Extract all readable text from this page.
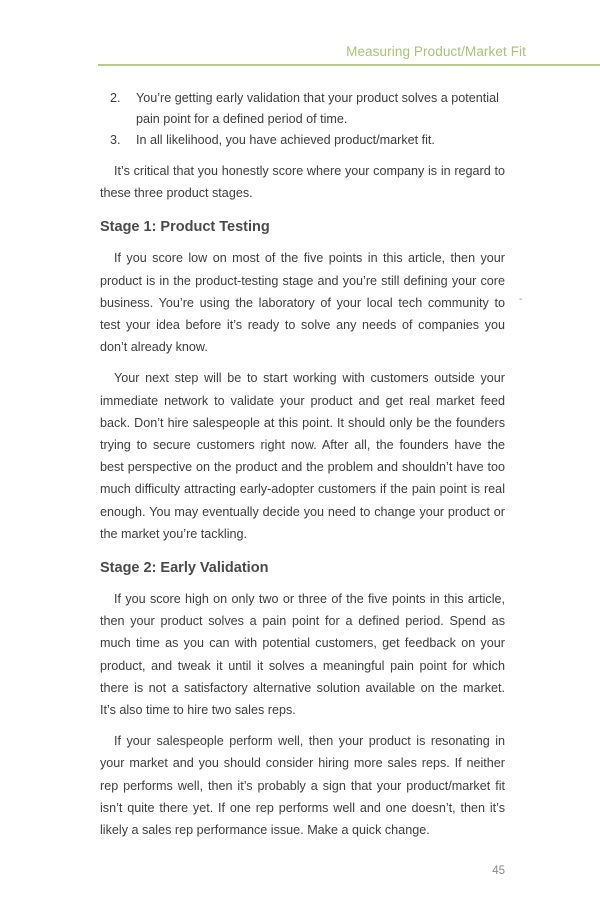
Measuring Product/Market Fit
2.	You’re getting early validation that your product solves a potential pain point for a defined period of time.
3.	In all likelihood, you have achieved product/market fit.

It’s critical that you honestly score where your company is in regard to these three product stages.

Stage 1: Product Testing

If you score low on most of the five points in this article, then your product is in the product-testing stage and you’re still defining your core business. You’re using the laboratory of your local tech community to test your idea before it’s ready to solve any needs of companies you don’t already know.

Your next step will be to start working with customers outside your immediate network to validate your product and get real market feed back. Don’t hire salespeople at this point. It should only be the founders trying to secure customers right now. After all, the founders have the best perspective on the product and the problem and shouldn’t have too much difficulty attracting early-adopter customers if the pain point is real enough. You may eventually decide you need to change your product or the market you’re tackling.

Stage 2: Early Validation

If you score high on only two or three of the five points in this article, then your product solves a pain point for a defined period. Spend as much time as you can with potential customers, get feedback on your product, and tweak it until it solves a meaningful pain point for which there is not a satisfactory alternative solution available on the market. It’s also time to hire two sales reps.

If your salespeople perform well, then your product is resonating in your market and you should consider hiring more sales reps. If neither rep performs well, then it’s probably a sign that your product/market fit isn’t quite there yet. If one rep performs well and one doesn’t, then it’s likely a sales rep performance issue. Make a quick change.

-
45
